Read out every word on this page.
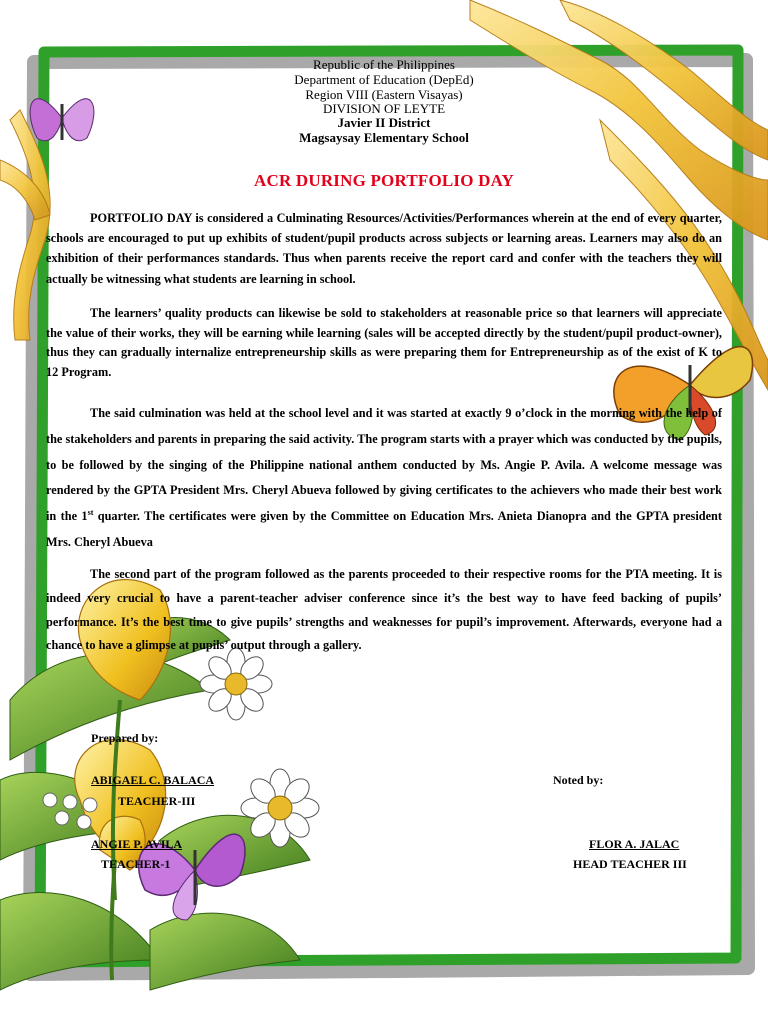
Republic of the Philippines
Department of Education (DepEd)
Region VIII (Eastern Visayas)
DIVISION OF LEYTE
Javier II District
Magsaysay Elementary School
ACR DURING PORTFOLIO DAY
PORTFOLIO DAY is considered a Culminating Resources/Activities/Performances wherein at the end of every quarter, schools are encouraged to put up exhibits of student/pupil products across subjects or learning areas. Learners may also do an exhibition of their performances standards. Thus when parents receive the report card and confer with the teachers they will actually be witnessing what students are learning in school.
The learners’ quality products can likewise be sold to stakeholders at reasonable price so that learners will appreciate the value of their works, they will be earning while learning (sales will be accepted directly by the student/pupil product-owner), thus they can gradually internalize entrepreneurship skills as were preparing them for Entrepreneurship as of the exist of K to 12 Program.
The said culmination was held at the school level and it was started at exactly 9 o’clock in the morning with the help of the stakeholders and parents in preparing the said activity. The program starts with a prayer which was conducted by the pupils, to be followed by the singing of the Philippine national anthem conducted by Ms. Angie P. Avila. A welcome message was rendered by the GPTA President Mrs. Cheryl Abueva followed by giving certificates to the achievers who made their best work in the 1st quarter. The certificates were given by the Committee on Education Mrs. Anieta Dianopra and the GPTA president Mrs. Cheryl Abueva
The second part of the program followed as the parents proceeded to their respective rooms for the PTA meeting. It is indeed very crucial to have a parent-teacher adviser conference since it’s the best way to have feed backing of pupils’ performance. It’s the best time to give pupils’ strengths and weaknesses for pupil’s improvement. Afterwards, everyone had a chance to have a glimpse at pupils’ output through a gallery.
Prepared by:
ABIGAEL C. BALACA
TEACHER-III
Noted by:
ANGIE P. AVILA
TEACHER-1
FLOR A. JALAC
HEAD TEACHER III
